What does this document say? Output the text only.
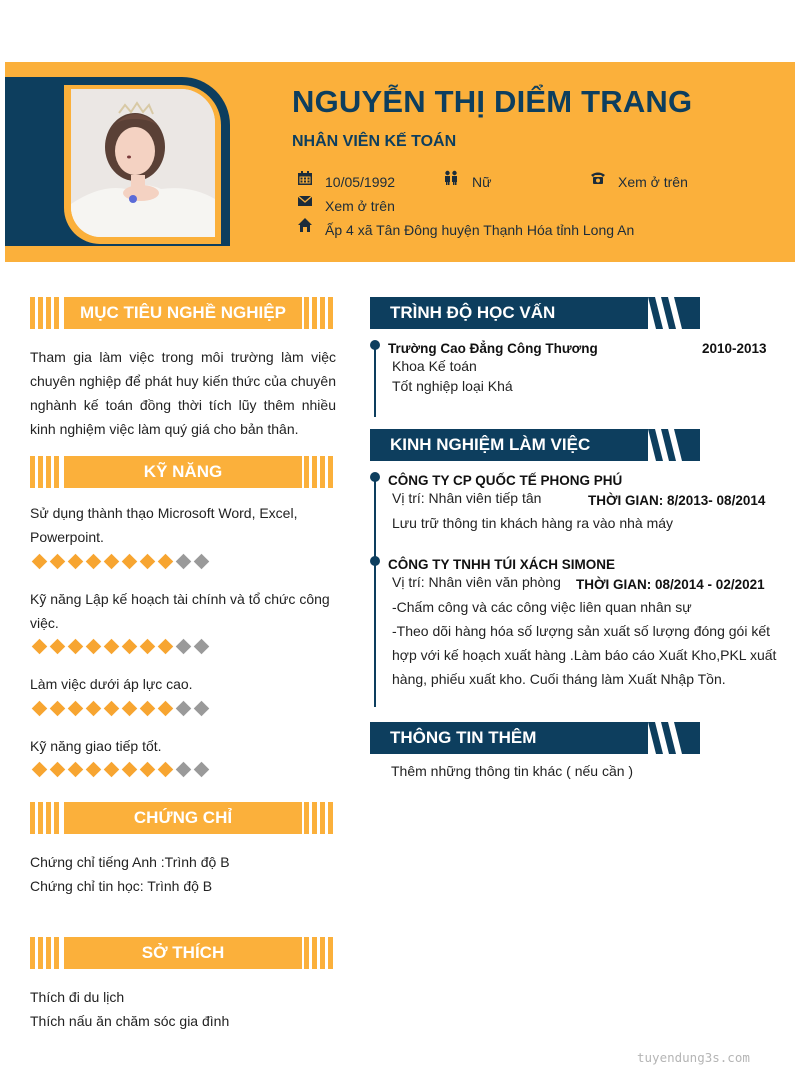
NGUYỄN THỊ DIỂM TRANG
NHÂN VIÊN KẾ TOÁN
10/05/1992	Nữ	Xem ở trên
Xem ở trên
Ấp 4 xã Tân Đông huyện Thạnh Hóa tỉnh Long An
MỤC TIÊU NGHỀ NGHIỆP
Tham gia làm việc trong môi trường làm việc chuyên nghiệp để phát huy kiến thức của chuyên nghành kế toán đồng thời tích lũy thêm nhiều kinh nghiệm việc làm quý giá cho bản thân.
KỸ NĂNG
Sử dụng thành thạo Microsoft Word, Excel, Powerpoint.
Kỹ năng Lập kế hoạch tài chính và tổ chức công việc.
Làm việc dưới áp lực cao.
Kỹ năng giao tiếp tốt.
CHỨNG CHỈ
Chứng chỉ tiếng Anh :Trình độ B
Chứng chỉ tin học: Trình độ B
SỞ THÍCH
Thích đi du lịch
Thích nấu ăn chăm sóc gia đình
TRÌNH ĐỘ HỌC VẤN
Trường Cao Đẳng Công Thương	2010-2013
Khoa Kế toán
Tốt nghiệp loại Khá
KINH NGHIỆM LÀM VIỆC
CÔNG TY CP QUỐC TẾ PHONG PHÚ
Vị trí: Nhân viên tiếp tân	THỜI GIAN: 8/2013- 08/2014
Lưu trữ thông tin khách hàng ra vào nhà máy
CÔNG TY TNHH TÚI XÁCH SIMONE
Vị trí: Nhân viên văn phòng THỜI GIAN: 08/2014 - 02/2021
-Chấm công và các công việc liên quan nhân sự
-Theo dõi hàng hóa số lượng sản xuất số lượng đóng gói kết
hợp với kế hoạch xuất hàng .Làm báo cáo Xuất Kho,PKL xuất
hàng, phiếu xuất kho. Cuối tháng làm Xuất Nhập Tồn.
THÔNG TIN THÊM
Thêm những thông tin khác ( nếu cần )
tuyendung3s.com
